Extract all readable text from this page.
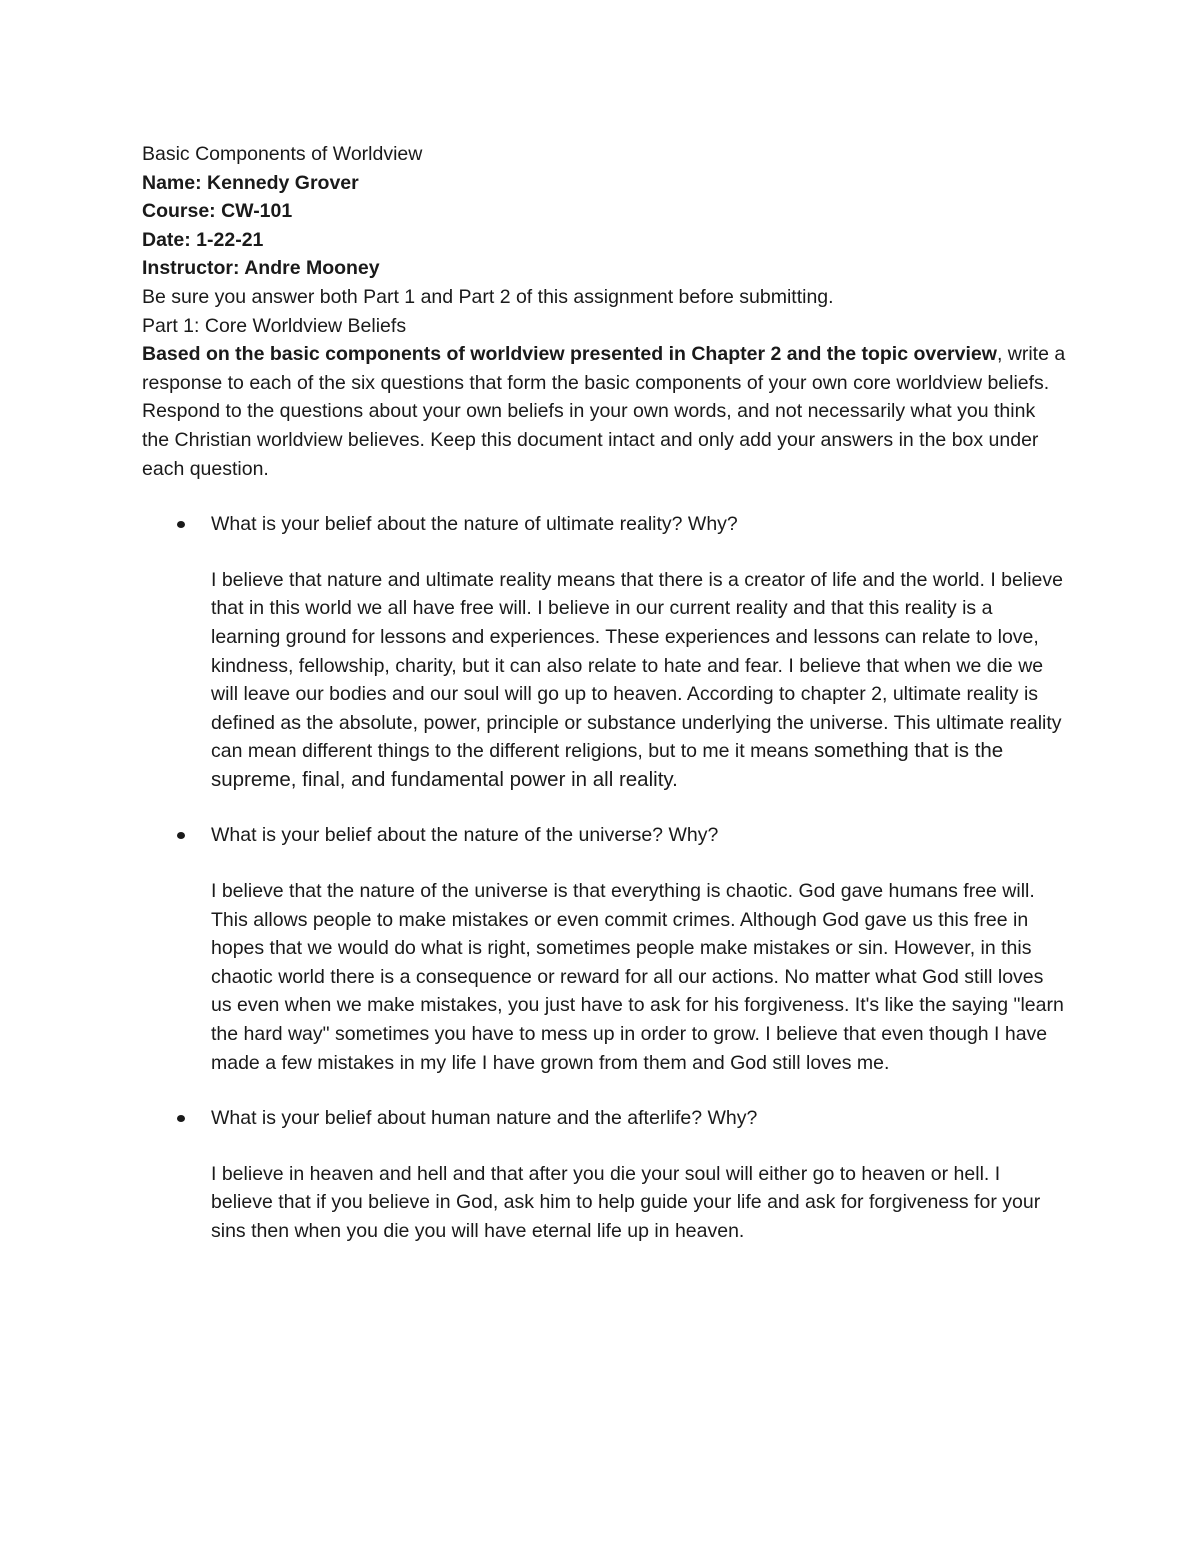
Basic Components of Worldview

Name: Kennedy Grover

Course: CW-101

Date: 1-22-21

Instructor: Andre Mooney

Be sure you answer both Part 1 and Part 2 of this assignment before submitting.

Part 1: Core Worldview Beliefs

Based on the basic components of worldview presented in Chapter 2 and the topic overview, write a response to each of the six questions that form the basic components of your own core worldview beliefs. Respond to the questions about your own beliefs in your own words, and not necessarily what you think the Christian worldview believes. Keep this document intact and only add your answers in the box under each question.

What is your belief about the nature of ultimate reality? Why?

I believe that nature and ultimate reality means that there is a creator of life and the world. I believe that in this world we all have free will. I believe in our current reality and that this reality is a learning ground for lessons and experiences. These experiences and lessons can relate to love, kindness, fellowship, charity, but it can also relate to hate and fear. I believe that when we die we will leave our bodies and our soul will go up to heaven. According to chapter 2, ultimate reality is defined as the absolute, power, principle or substance underlying the universe. This ultimate reality can mean different things to the different religions, but to me it means something that is the supreme, final, and fundamental power in all reality.

What is your belief about the nature of the universe? Why?

I believe that the nature of the universe is that everything is chaotic. God gave humans free will. This allows people to make mistakes or even commit crimes. Although God gave us this free in hopes that we would do what is right, sometimes people make mistakes or sin. However, in this chaotic world there is a consequence or reward for all our actions. No matter what God still loves us even when we make mistakes, you just have to ask for his forgiveness. It's like the saying "learn the hard way" sometimes you have to mess up in order to grow. I believe that even though I have made a few mistakes in my life I have grown from them and God still loves me.

What is your belief about human nature and the afterlife? Why?

I believe in heaven and hell and that after you die your soul will either go to heaven or hell. I believe that if you believe in God, ask him to help guide your life and ask for forgiveness for your sins then when you die you will have eternal life up in heaven.
